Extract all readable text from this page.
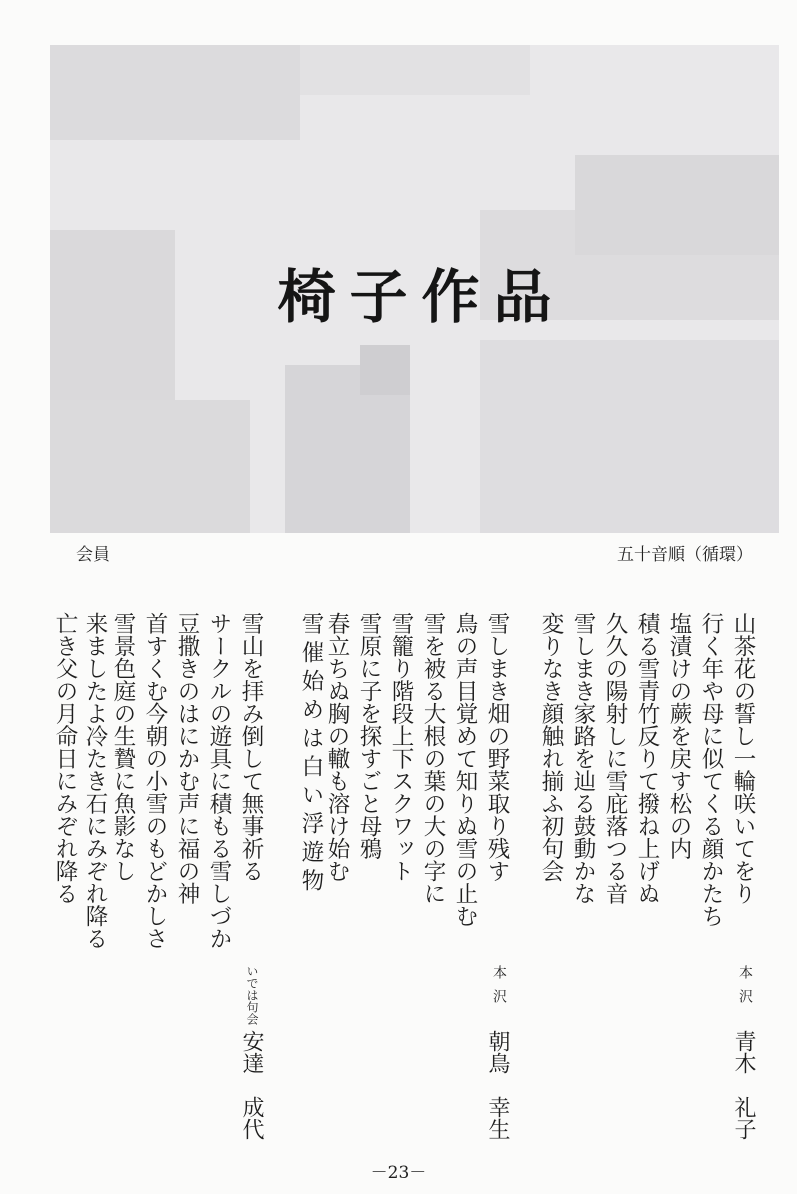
椅子作品
会員	五十音順（循環）
山茶花の誓し一輪咲いてをり
行く年や母に似てくる顔かたち
塩漬けの蕨を戻す松の内
積る雪青竹反りて撥ね上げぬ
久久の陽射しに雪庇落つる音
雪しまき家路を辿る鼓動かな
変りなき顔触れ揃ふ初句会
本沢
青木　礼子
雪しまき畑の野菜取り残す
鳥の声目覚めて知りぬ雪の止む
雪を被る大根の葉の大の字に
雪籠り階段上下スクワット
雪原に子を探すごと母鴉
春立ちぬ胸の轍も溶け始む
雪催始めは白い浮遊物
本沢
朝鳥　幸生
雪山を拝み倒して無事祈る
サークルの遊具に積もる雪しづか
豆撒きのはにかむ声に福の神
首すくむ今朝の小雪のもどかしさ
雪景色庭の生贄に魚影なし
来ましたよ冷たき石にみぞれ降る
亡き父の月命日にみぞれ降る
いでは句会
安達　成代
－23－
